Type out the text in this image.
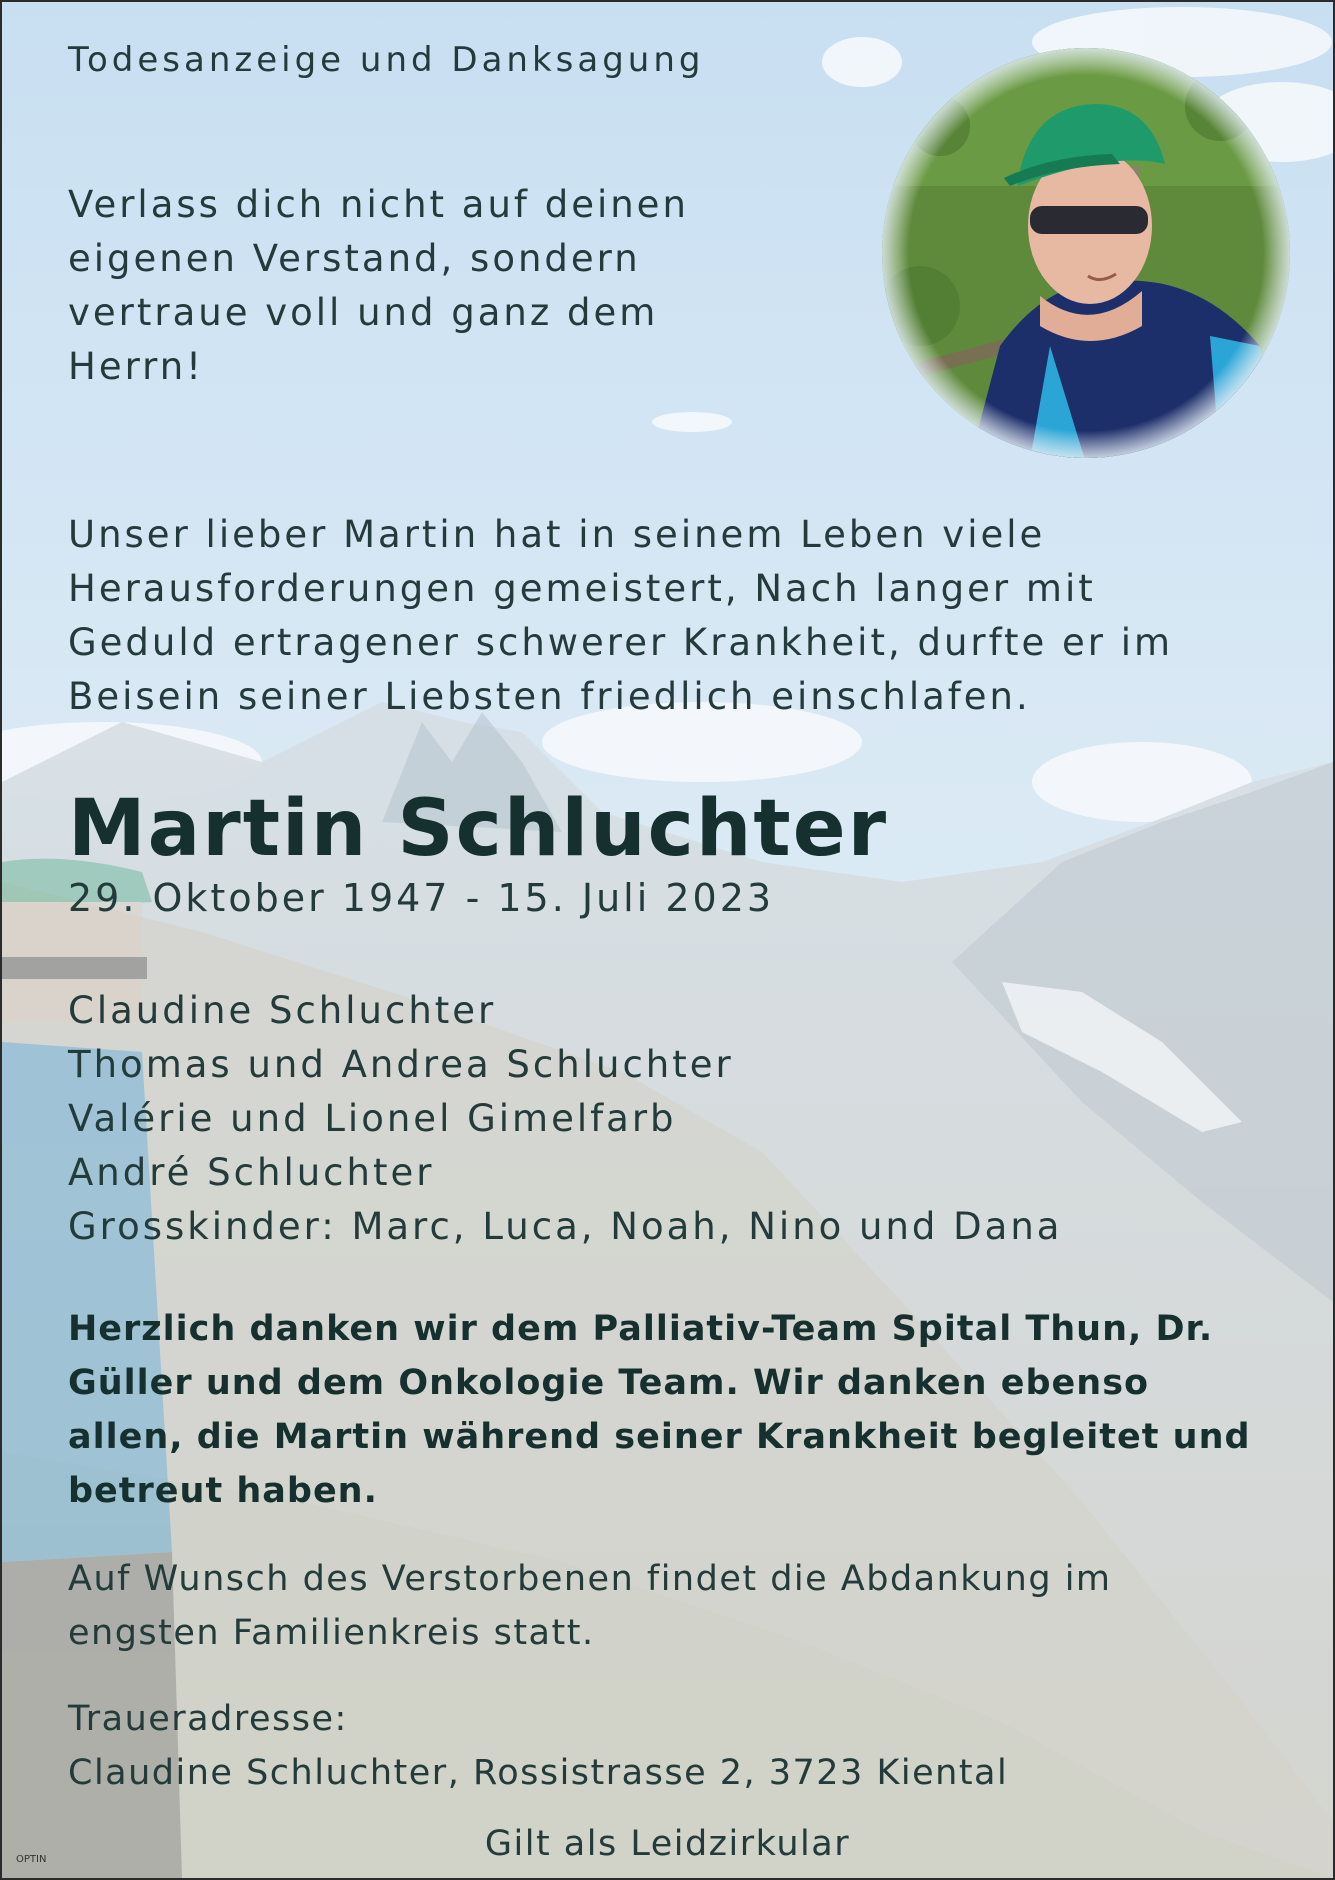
Todesanzeige und Danksagung
Verlass dich nicht auf deinen
eigenen Verstand, sondern
vertraue voll und ganz dem
Herrn!
Unser lieber Martin hat in seinem Leben viele
Herausforderungen gemeistert, Nach langer mit
Geduld ertragener schwerer Krankheit, durfte er im
Beisein seiner Liebsten friedlich einschlafen.
Martin Schluchter
29. Oktober 1947 - 15. Juli 2023
Claudine Schluchter
Thomas und Andrea Schluchter
Valérie und Lionel Gimelfarb
André Schluchter
Grosskinder: Marc, Luca, Noah, Nino und Dana
Herzlich danken wir dem Palliativ-Team Spital Thun, Dr.
Güller und dem Onkologie Team. Wir danken ebenso
allen, die Martin während seiner Krankheit begleitet und
betreut haben.
Auf Wunsch des Verstorbenen findet die Abdankung im
engsten Familienkreis statt.
Traueradresse:
Claudine Schluchter, Rossistrasse 2, 3723 Kiental
Gilt als Leidzirkular
OPTIN
